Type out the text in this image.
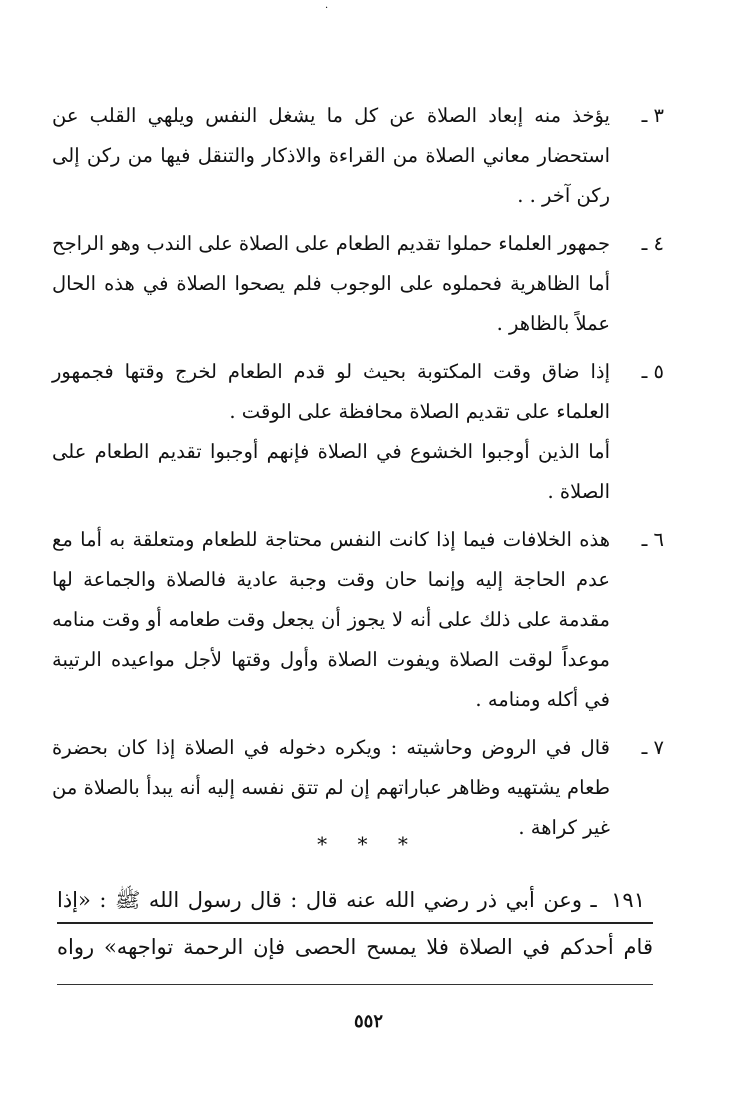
·
٣ ـ

يؤخذ منه إبعاد الصلاة عن كل ما يشغل النفس ويلهي القلب عن استحضار معاني الصلاة من القراءة والاذكار والتنقل فيها من ركن إلى ركن آخر . .

٤ ـ

جمهور العلماء حملوا تقديم الطعام على الصلاة على الندب وهو الراجح أما الظاهرية فحملوه على الوجوب فلم يصحوا الصلاة في هذه الحال عملاً بالظاهر .

٥ ـ

إذا ضاق وقت المكتوبة بحيث لو قدم الطعام لخرج وقتها فجمهور العلماء على تقديم الصلاة محافظة على الوقت .

أما الذين أوجبوا الخشوع في الصلاة فإنهم أوجبوا تقديم الطعام على الصلاة .

٦ ـ

هذه الخلافات فيما إذا كانت النفس محتاجة للطعام ومتعلقة به أما مع عدم الحاجة إليه وإنما حان وقت وجبة عادية فالصلاة والجماعة لها مقدمة على ذلك على أنه لا يجوز أن يجعل وقت طعامه أو وقت منامه موعداً لوقت الصلاة ويفوت الصلاة وأول وقتها لأجل مواعيده الرتيبة في أكله ومنامه .

٧ ـ

قال في الروض وحاشيته : ويكره دخوله في الصلاة إذا كان بحضرة طعام يشتهيه وظاهر عباراتهم إن لم تتق نفسه إليه أنه يبدأ بالصلاة من غير كراهة .

* * *
١٩١ ـ وعن أبي ذر رضي الله عنه قال : قال رسول الله ﷺ : «إذا
قام أحدكم في الصلاة فلا يمسح الحصى فإن الرحمة تواجهه» رواه
٥٥٢
